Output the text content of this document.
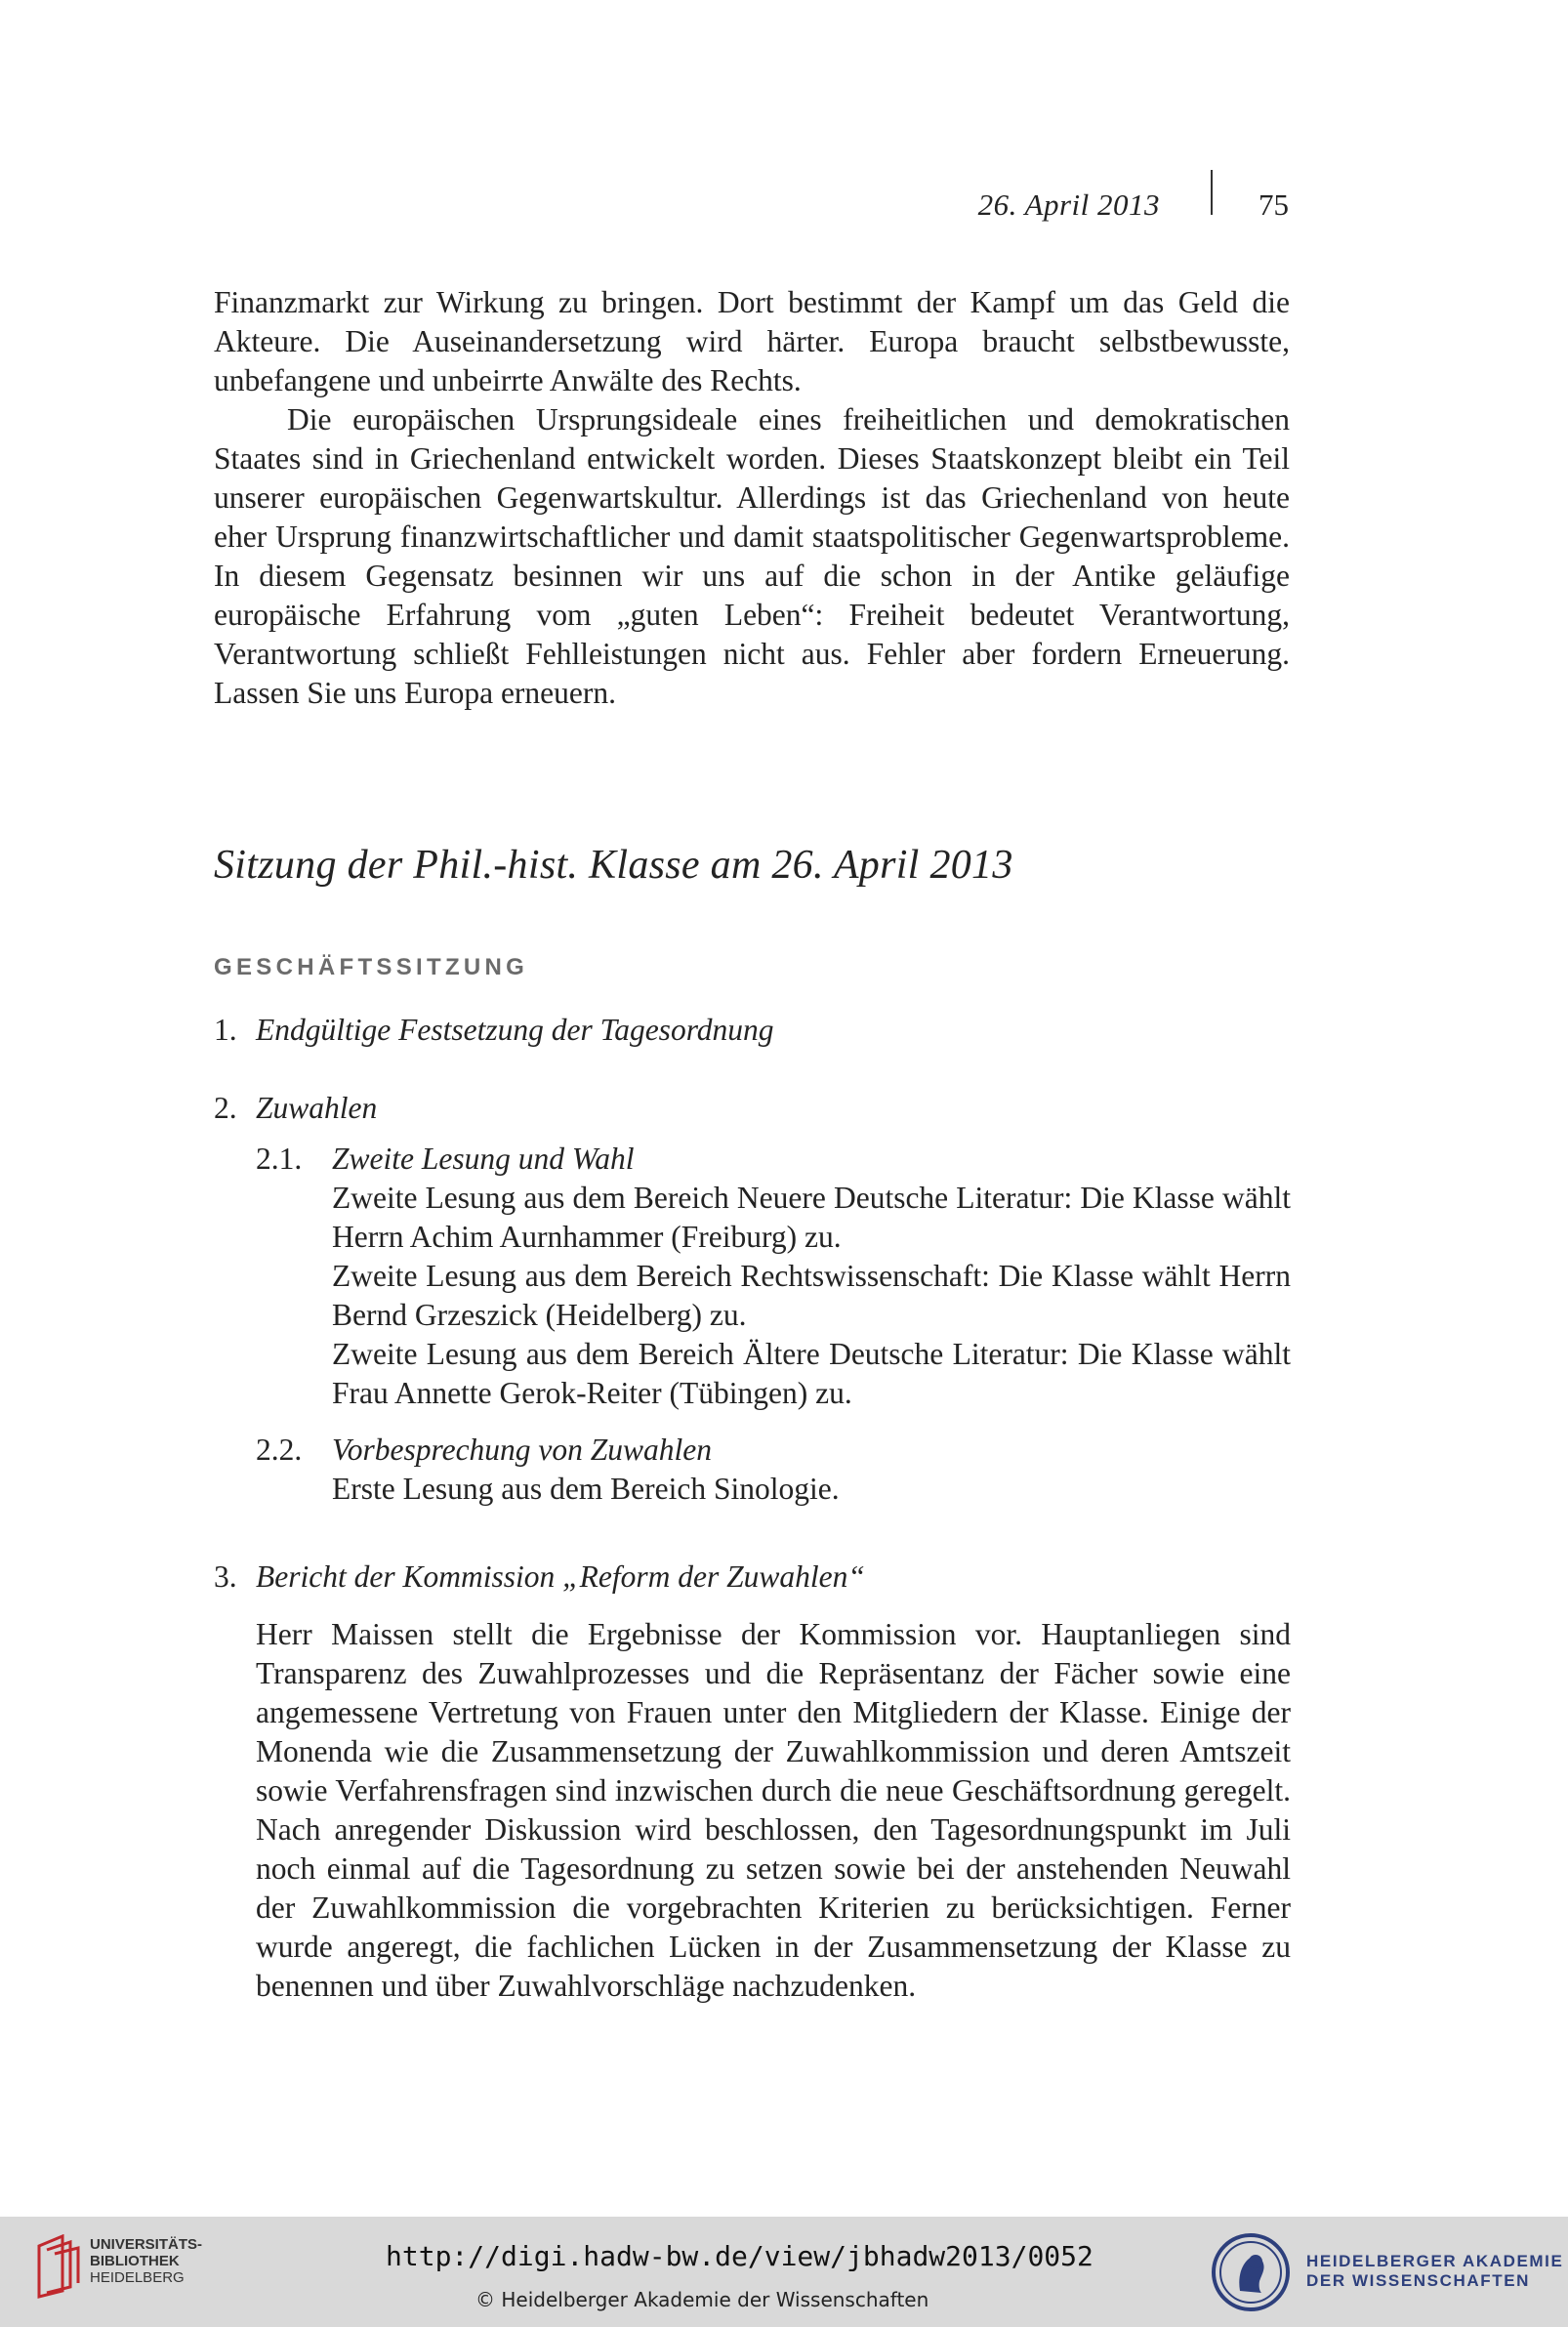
26. April 2013	75

Finanzmarkt zur Wirkung zu bringen. Dort bestimmt der Kampf um das Geld die Akteure. Die Auseinandersetzung wird härter. Europa braucht selbstbewusste, unbefangene und unbeirrte Anwälte des Rechts.

Die europäischen Ursprungsideale eines freiheitlichen und demokratischen Staates sind in Griechenland entwickelt worden. Dieses Staatskonzept bleibt ein Teil unserer europäischen Gegenwartskultur. Allerdings ist das Griechenland von heute eher Ursprung finanzwirtschaftlicher und damit staatspolitischer Gegenwartsprobleme. In diesem Gegensatz besinnen wir uns auf die schon in der Antike geläufige europäische Erfahrung vom „guten Leben“: Freiheit bedeutet Verantwortung, Verantwortung schließt Fehlleistungen nicht aus. Fehler aber fordern Erneuerung. Lassen Sie uns Europa erneuern.

Sitzung der Phil.-hist. Klasse am 26. April 2013
GESCHÄFTSSITZUNG
1. Endgültige Festsetzung der Tagesordnung
2. Zuwahlen
2.1. Zweite Lesung und Wahl

Zweite Lesung aus dem Bereich Neuere Deutsche Literatur: Die Klasse wählt Herrn Achim Aurnhammer (Freiburg) zu.

Zweite Lesung aus dem Bereich Rechtswissenschaft: Die Klasse wählt Herrn Bernd Grzeszick (Heidelberg) zu.

Zweite Lesung aus dem Bereich Ältere Deutsche Literatur: Die Klasse wählt Frau Annette Gerok-Reiter (Tübingen) zu.

2.2. Vorbesprechung von Zuwahlen

Erste Lesung aus dem Bereich Sinologie.

3. Bericht der Kommission „Reform der Zuwahlen“

Herr Maissen stellt die Ergebnisse der Kommission vor. Hauptanliegen sind Transparenz des Zuwahlprozesses und die Repräsentanz der Fächer sowie eine angemessene Vertretung von Frauen unter den Mitgliedern der Klasse. Einige der Monenda wie die Zusammensetzung der Zuwahlkommission und deren Amtszeit sowie Verfahrensfragen sind inzwischen durch die neue Geschäftsordnung geregelt. Nach anregender Diskussion wird beschlossen, den Tagesordnungspunkt im Juli noch einmal auf die Tagesordnung zu setzen sowie bei der anstehenden Neuwahl der Zuwahlkommission die vorgebrachten Kriterien zu berücksichtigen. Ferner wurde angeregt, die fachlichen Lücken in der Zusammensetzung der Klasse zu benennen und über Zuwahlvorschläge nachzudenken.

UNIVERSITÄTS-
BIBLIOTHEK
HEIDELBERG
http://digi.hadw-bw.de/view/jbhadw2013/0052
© Heidelberger Akademie der Wissenschaften
HEIDELBERGER AKADEMIE
DER WISSENSCHAFTEN
